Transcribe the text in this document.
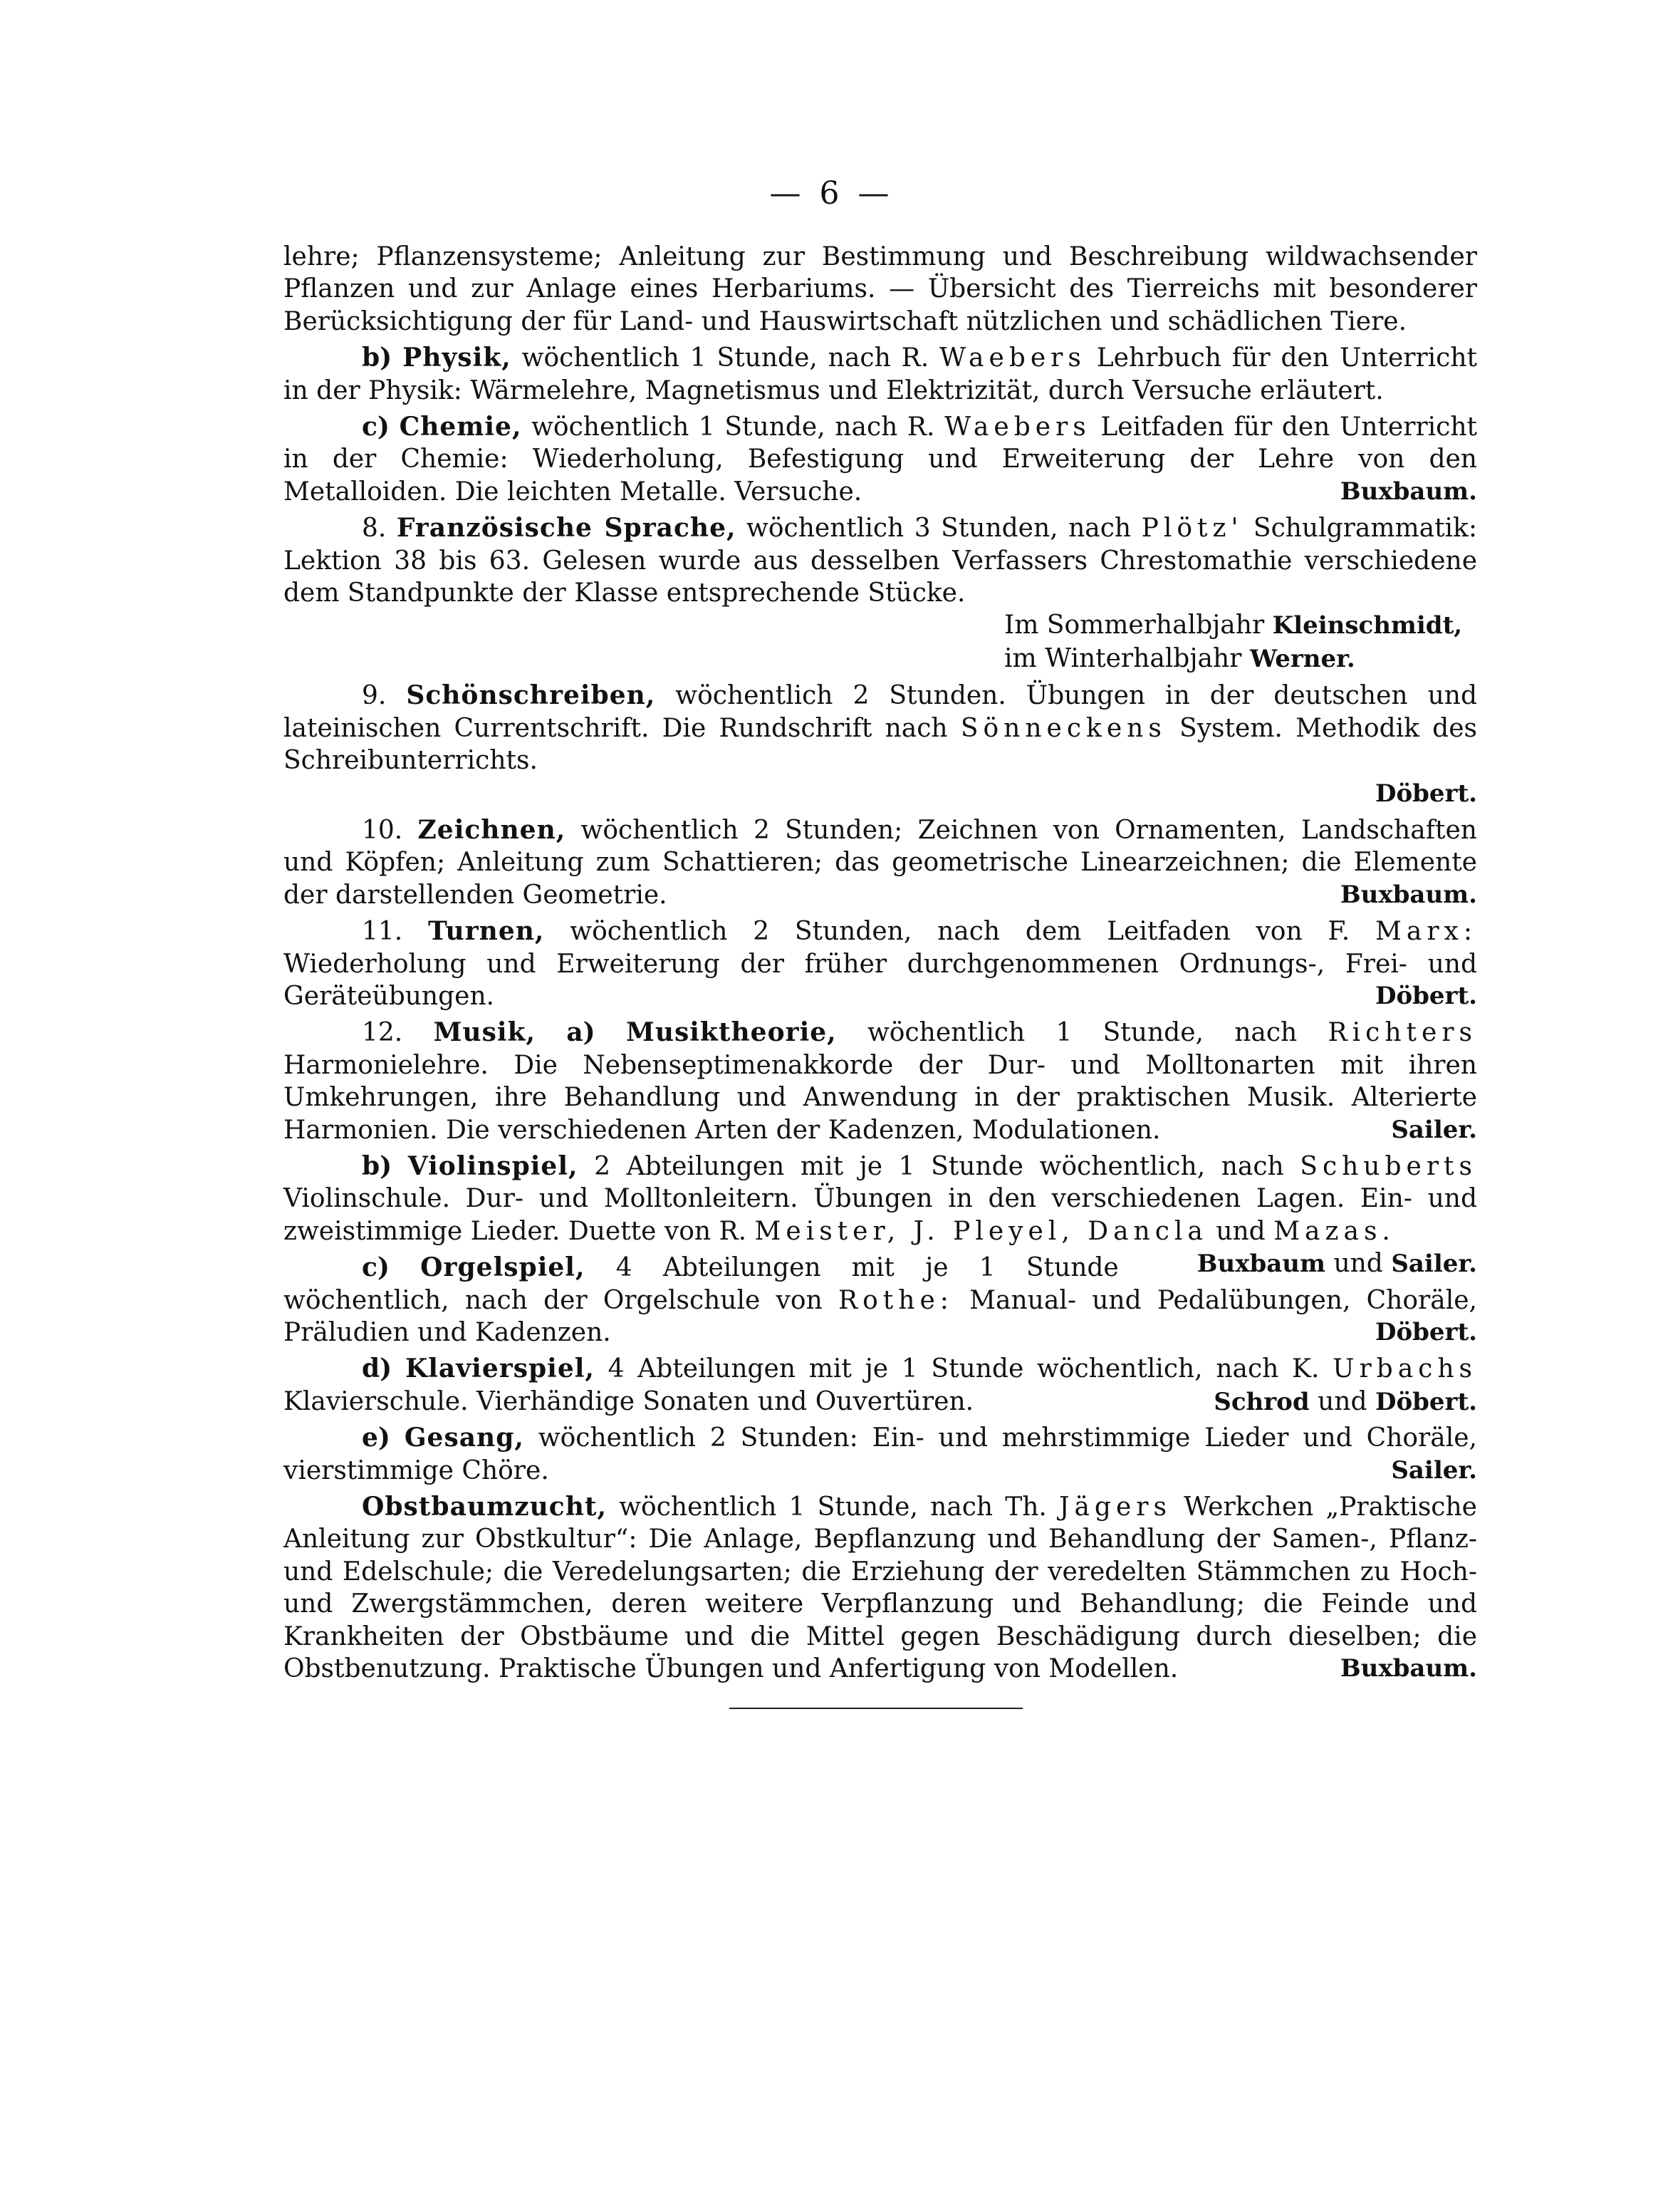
— 6 —

lehre; Pflanzensysteme; Anleitung zur Bestimmung und Beschreibung wildwachsender Pflanzen und zur Anlage eines Herbariums. — Übersicht des Tierreichs mit besonderer Berücksichtigung der für Land- und Hauswirtschaft nützlichen und schädlichen Tiere.

b) Physik, wöchentlich 1 Stunde, nach R. Waebers Lehrbuch für den Unterricht in der Physik: Wärmelehre, Magnetismus und Elektrizität, durch Versuche erläutert.

c) Chemie, wöchentlich 1 Stunde, nach R. Waebers Leitfaden für den Unterricht in der Chemie: Wiederholung, Befestigung und Erweiterung der Lehre von den Metalloiden. Die leichten Metalle. Versuche.	Buxbaum.

8. Französische Sprache, wöchentlich 3 Stunden, nach Plötz' Schulgrammatik: Lektion 38 bis 63. Gelesen wurde aus desselben Verfassers Chrestomathie verschiedene dem Standpunkte der Klasse entsprechende Stücke.

Im Sommerhalbjahr Kleinschmidt,

im Winterhalbjahr Werner.

9. Schönschreiben, wöchentlich 2 Stunden. Übungen in der deutschen und lateinischen Currentschrift. Die Rundschrift nach Sönneckens System. Methodik des Schreibunterrichts.

Döbert.

10. Zeichnen, wöchentlich 2 Stunden; Zeichnen von Ornamenten, Landschaften und Köpfen; Anleitung zum Schattieren; das geometrische Linearzeichnen; die Elemente der darstellenden Geometrie.	Buxbaum.

11. Turnen, wöchentlich 2 Stunden, nach dem Leitfaden von F. Marx: Wiederholung und Erweiterung der früher durchgenommenen Ordnungs-, Frei- und Geräteübungen.	Döbert.

12. Musik, a) Musiktheorie, wöchentlich 1 Stunde, nach Richters Harmonielehre. Die Nebenseptimenakkorde der Dur- und Molltonarten mit ihren Umkehrungen, ihre Behandlung und Anwendung in der praktischen Musik. Alterierte Harmonien. Die verschiedenen Arten der Kadenzen, Modulationen.	Sailer.

b) Violinspiel, 2 Abteilungen mit je 1 Stunde wöchentlich, nach Schuberts Violinschule. Dur- und Molltonleitern. Übungen in den verschiedenen Lagen. Ein- und zweistimmige Lieder. Duette von R. Meister, J. Pleyel, Dancla und Mazas.
Buxbaum und Sailer.

c) Orgelspiel, 4 Abteilungen mit je 1 Stunde wöchentlich, nach der Orgelschule von Rothe: Manual- und Pedalübungen, Choräle, Präludien und Kadenzen.	Döbert.

d) Klavierspiel, 4 Abteilungen mit je 1 Stunde wöchentlich, nach K. Urbachs Klavierschule. Vierhändige Sonaten und Ouvertüren.	Schrod und Döbert.

e) Gesang, wöchentlich 2 Stunden: Ein- und mehrstimmige Lieder und Choräle, vierstimmige Chöre.	Sailer.

Obstbaumzucht, wöchentlich 1 Stunde, nach Th. Jägers Werkchen „Praktische Anleitung zur Obstkultur“: Die Anlage, Bepflanzung und Behandlung der Samen-, Pflanz- und Edelschule; die Veredelungsarten; die Erziehung der veredelten Stämmchen zu Hoch- und Zwergstämmchen, deren weitere Verpflanzung und Behandlung; die Feinde und Krankheiten der Obstbäume und die Mittel gegen Beschädigung durch dieselben; die Obstbenutzung. Praktische Übungen und Anfertigung von Modellen.	Buxbaum.
